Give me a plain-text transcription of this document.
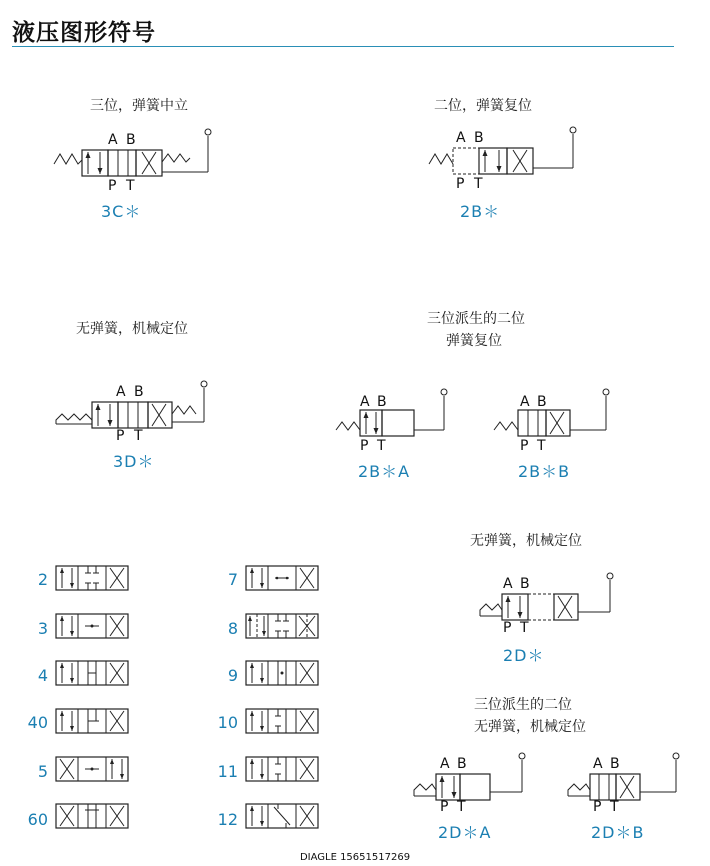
液压图形符号
三位，弹簧中立
A B
P T
3C＊
二位，弹簧复位
A B
P T
2B＊
无弹簧，机械定位
A B
P T
3D＊
三位派生的二位
弹簧复位
A B
P T
2B＊A
A B
P T
2B＊B
无弹簧，机械定位
A B
P T
2D＊
三位派生的二位
无弹簧，机械定位
A B
P T
2D＊A
A B
P T
2D＊B
2
3
4
40
5
60
7
8
9
10
11
12
DIAGLE 15651517269
